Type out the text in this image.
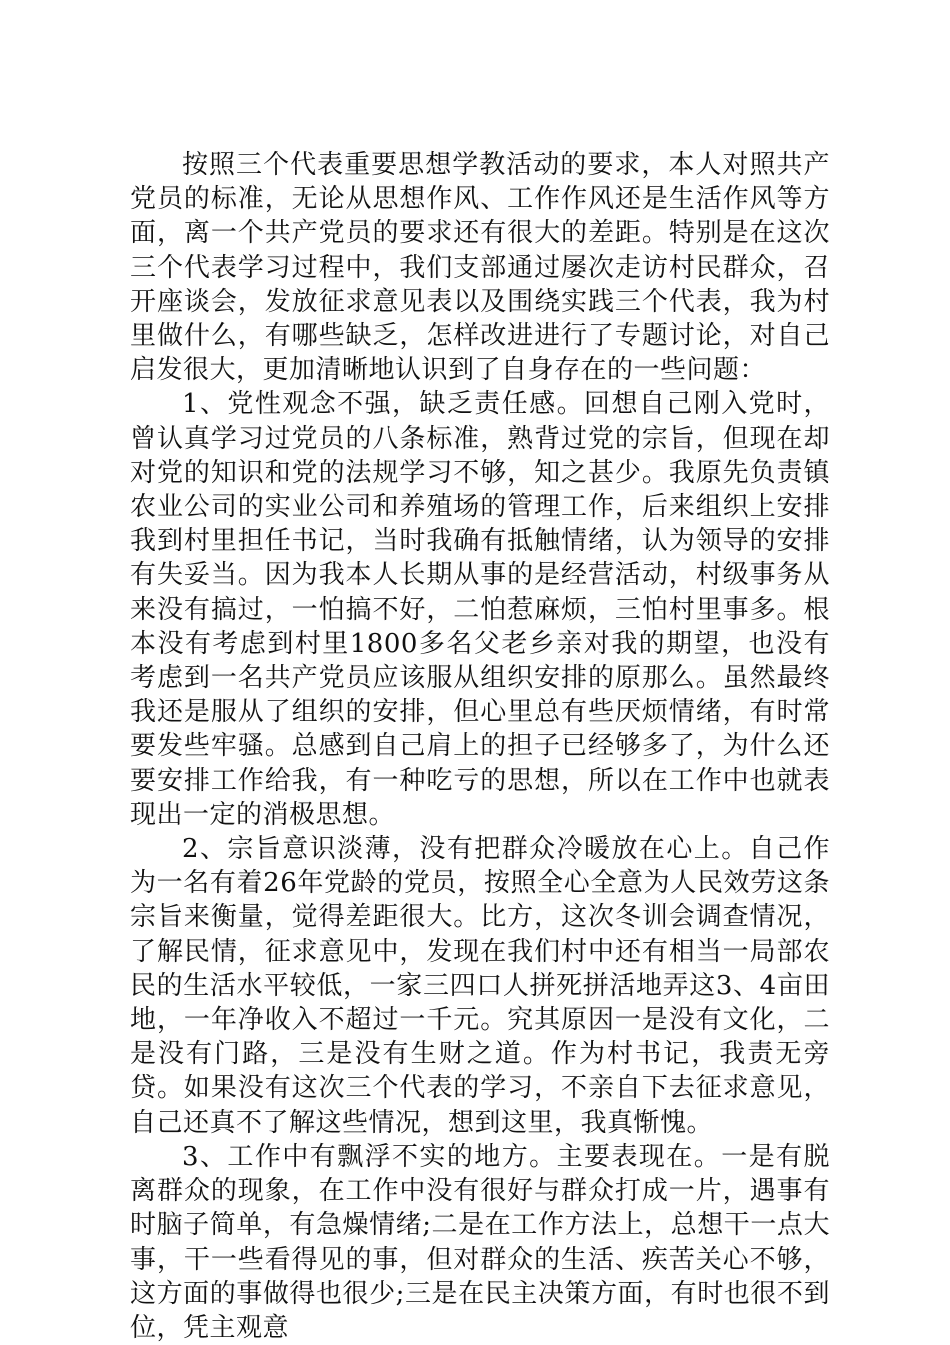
按照三个代表重要思想学教活动的要求，本人对照共产党员的标准，无论从思想作风、工作作风还是生活作风等方面，离一个共产党员的要求还有很大的差距。特别是在这次三个代表学习过程中，我们支部通过屡次走访村民群众，召开座谈会，发放征求意见表以及围绕实践三个代表，我为村里做什么，有哪些缺乏，怎样改进进行了专题讨论，对自己启发很大，更加清晰地认识到了自身存在的一些问题：

1、党性观念不强，缺乏责任感。回想自己刚入党时，曾认真学习过党员的八条标准，熟背过党的宗旨，但现在却对党的知识和党的法规学习不够，知之甚少。我原先负责镇农业公司的实业公司和养殖场的管理工作，后来组织上安排我到村里担任书记，当时我确有抵触情绪，认为领导的安排有失妥当。因为我本人长期从事的是经营活动，村级事务从来没有搞过，一怕搞不好，二怕惹麻烦，三怕村里事多。根本没有考虑到村里1800多名父老乡亲对我的期望，也没有考虑到一名共产党员应该服从组织安排的原那么。虽然最终我还是服从了组织的安排，但心里总有些厌烦情绪，有时常要发些牢骚。总感到自己肩上的担子已经够多了，为什么还要安排工作给我，有一种吃亏的思想，所以在工作中也就表现出一定的消极思想。

2、宗旨意识淡薄，没有把群众冷暖放在心上。自己作为一名有着26年党龄的党员，按照全心全意为人民效劳这条宗旨来衡量，觉得差距很大。比方，这次冬训会调查情况，了解民情，征求意见中，发现在我们村中还有相当一局部农民的生活水平较低，一家三四口人拼死拼活地弄这3、4亩田地，一年净收入不超过一千元。究其原因一是没有文化，二是没有门路，三是没有生财之道。作为村书记，我责无旁贷。如果没有这次三个代表的学习，不亲自下去征求意见，自己还真不了解这些情况，想到这里，我真惭愧。

3、工作中有飘浮不实的地方。主要表现在。一是有脱离群众的现象，在工作中没有很好与群众打成一片，遇事有时脑子简单，有急燥情绪;二是在工作方法上，总想干一点大事，干一些看得见的事，但对群众的生活、疾苦关心不够，这方面的事做得也很少;三是在民主决策方面，有时也很不到位，凭主观意
